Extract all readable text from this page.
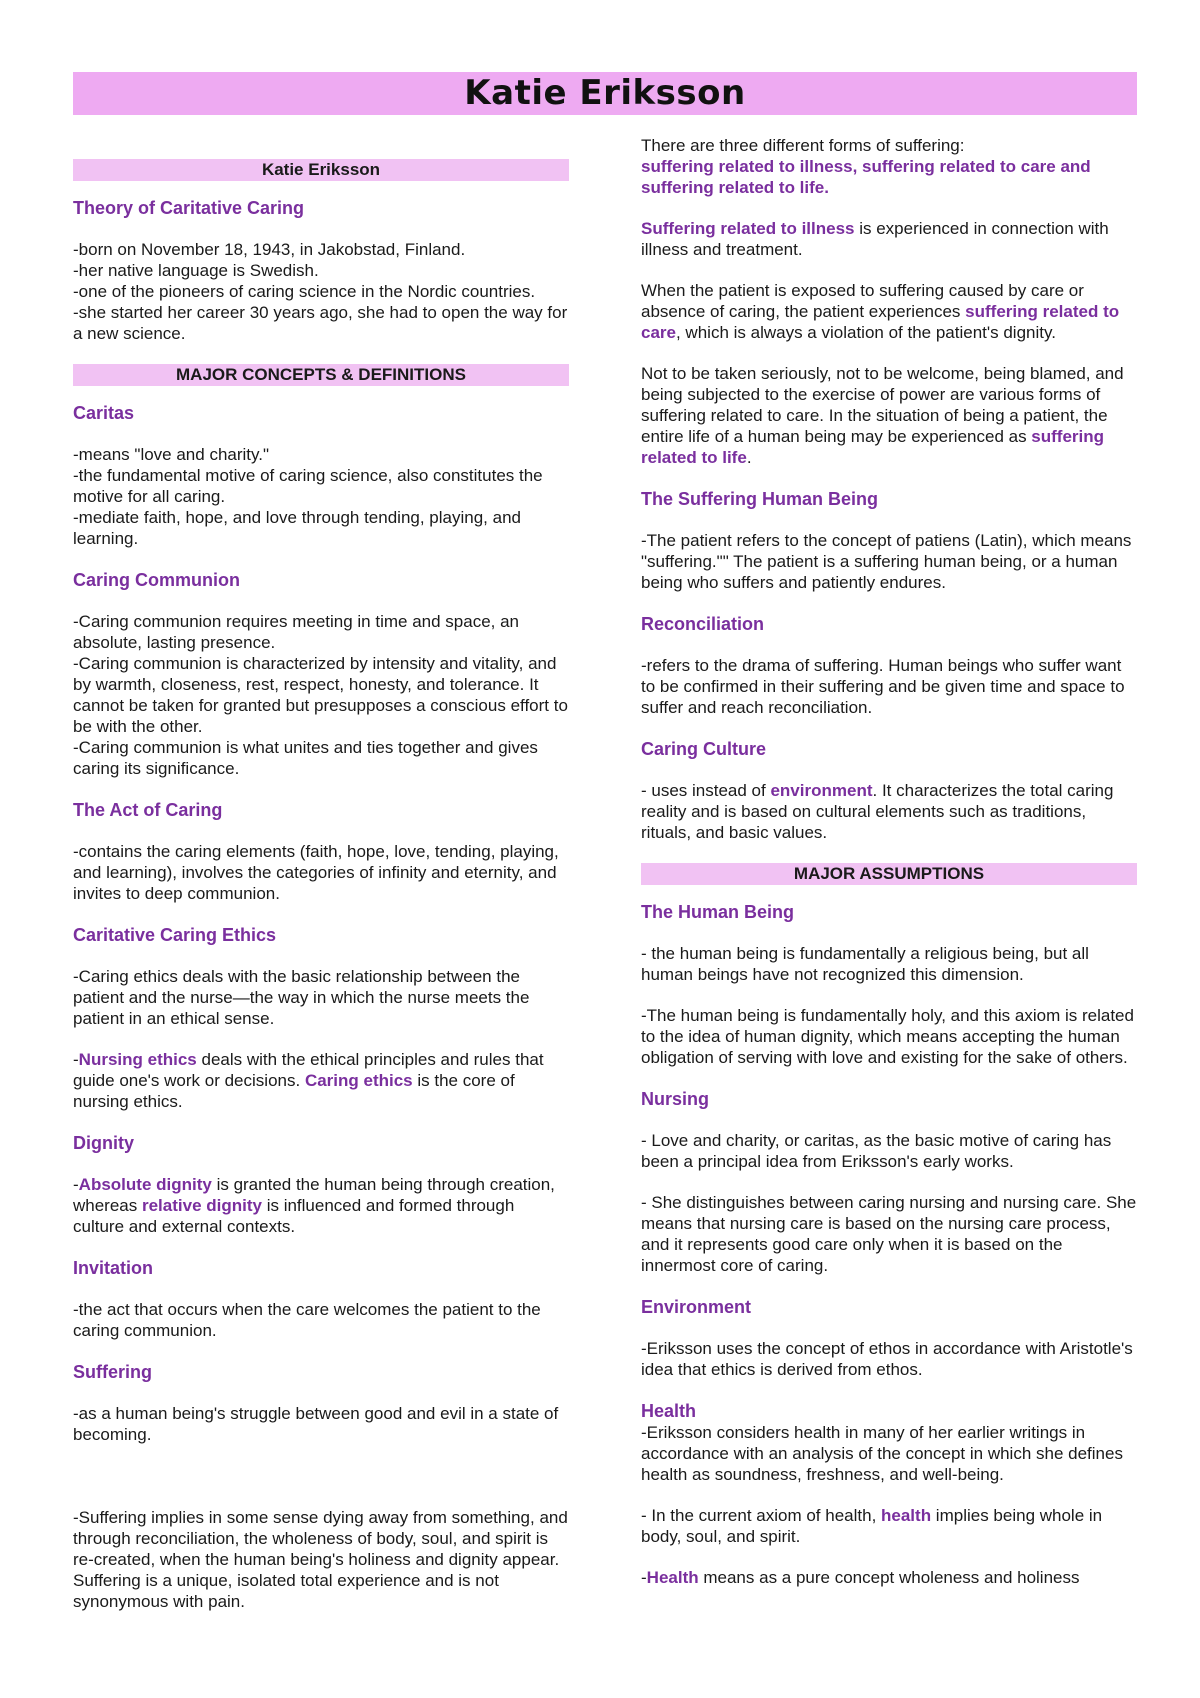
Katie Eriksson
Katie Eriksson
Theory of Caritative Caring

-born on November 18, 1943, in Jakobstad, Finland.
-her native language is Swedish.
-one of the pioneers of caring science in the Nordic countries.
-she started her career 30 years ago, she had to open the way for a new science.

MAJOR CONCEPTS & DEFINITIONS
Caritas

-means "love and charity."
-the fundamental motive of caring science, also constitutes the motive for all caring.
-mediate faith, hope, and love through tending, playing, and learning.

Caring Communion

-Caring communion requires meeting in time and space, an absolute, lasting presence.
-Caring communion is characterized by intensity and vitality, and by warmth, closeness, rest, respect, honesty, and tolerance. It cannot be taken for granted but presupposes a conscious effort to be with the other.
-Caring communion is what unites and ties together and gives caring its significance.

The Act of Caring

-contains the caring elements (faith, hope, love, tending, playing, and learning), involves the categories of infinity and eternity, and invites to deep communion.

Caritative Caring Ethics

-Caring ethics deals with the basic relationship between the patient and the nurse—the way in which the nurse meets the patient in an ethical sense.

-Nursing ethics deals with the ethical principles and rules that guide one's work or decisions. Caring ethics is the core of nursing ethics.

Dignity

-Absolute dignity is granted the human being through creation, whereas relative dignity is influenced and formed through culture and external contexts.

Invitation

-the act that occurs when the care welcomes the patient to the caring communion.

Suffering

-as a human being's struggle between good and evil in a state of becoming.

-Suffering implies in some sense dying away from something, and through reconciliation, the wholeness of body, soul, and spirit is re-created, when the human being's holiness and dignity appear. Suffering is a unique, isolated total experience and is not synonymous with pain.

There are three different forms of suffering:
suffering related to illness, suffering related to care and suffering related to life.

Suffering related to illness is experienced in connection with illness and treatment.

When the patient is exposed to suffering caused by care or absence of caring, the patient experiences suffering related to care, which is always a violation of the patient's dignity.

Not to be taken seriously, not to be welcome, being blamed, and being subjected to the exercise of power are various forms of suffering related to care. In the situation of being a patient, the entire life of a human being may be experienced as suffering related to life.

The Suffering Human Being

-The patient refers to the concept of patiens (Latin), which means "suffering."" The patient is a suffering human being, or a human being who suffers and patiently endures.

Reconciliation

-refers to the drama of suffering. Human beings who suffer want to be confirmed in their suffering and be given time and space to suffer and reach reconciliation.

Caring Culture

- uses instead of environment. It characterizes the total caring reality and is based on cultural elements such as traditions, rituals, and basic values.

MAJOR ASSUMPTIONS
The Human Being

- the human being is fundamentally a religious being, but all human beings have not recognized this dimension.

-The human being is fundamentally holy, and this axiom is related to the idea of human dignity, which means accepting the human obligation of serving with love and existing for the sake of others.

Nursing

- Love and charity, or caritas, as the basic motive of caring has been a principal idea from Eriksson's early works.

- She distinguishes between caring nursing and nursing care. She means that nursing care is based on the nursing care process, and it represents good care only when it is based on the innermost core of caring.

Environment

-Eriksson uses the concept of ethos in accordance with Aristotle's idea that ethics is derived from ethos.

Health

-Eriksson considers health in many of her earlier writings in accordance with an analysis of the concept in which she defines health as soundness, freshness, and well-being.

- In the current axiom of health, health implies being whole in body, soul, and spirit.

-Health means as a pure concept wholeness and holiness
